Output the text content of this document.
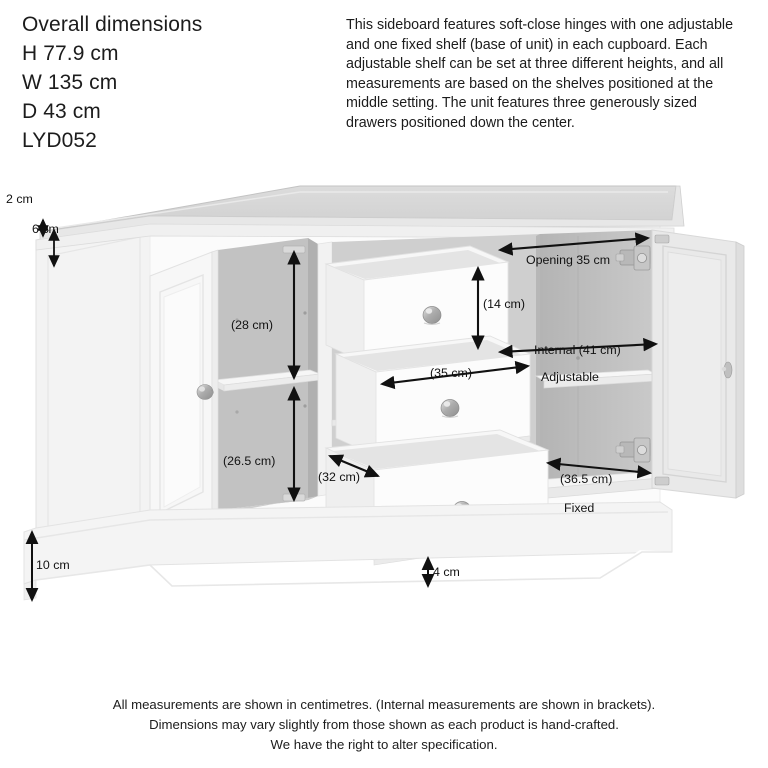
Overall dimensions
H 77.9 cm
W 135 cm
D 43 cm
LYD052
This sideboard features soft-close hinges with one adjustable and one fixed shelf (base of unit) in each cupboard. Each adjustable shelf can be set at three different heights, and all measurements are based on the shelves positioned at the middle setting. The unit features three generously sized drawers positioned down the center.
2 cm
6 cm
10 cm	4 cm
(28 cm)
(26.5 cm)
(14 cm)
(35 cm)
(32 cm)
Opening 35 cm
Internal (41 cm)
Adjustable
Fixed
(36.5 cm)
All measurements are shown in centimetres. (Internal measurements are shown in brackets).
Dimensions may vary slightly from those shown as each product is hand-crafted.
We have the right to alter specification.
